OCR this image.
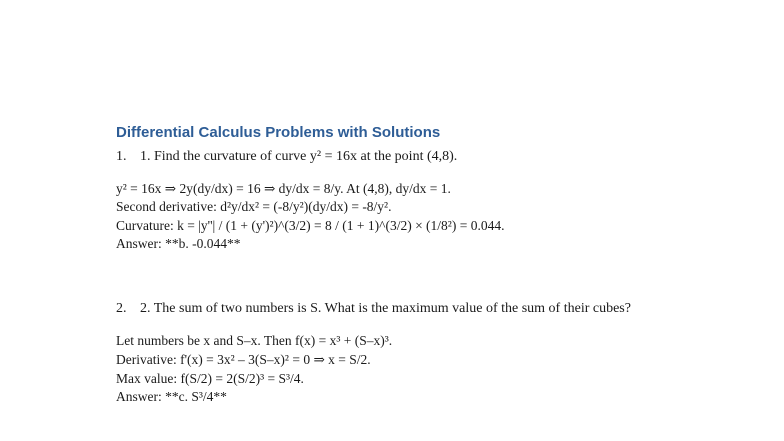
Differential Calculus Problems with Solutions
1. 1. Find the curvature of curve y² = 16x at the point (4,8).
y² = 16x ⇒ 2y(dy/dx) = 16 ⇒ dy/dx = 8/y. At (4,8), dy/dx = 1.
Second derivative: d²y/dx² = (-8/y²)(dy/dx) = -8/y².
Curvature: k = |y''| / (1 + (y')²)^(3/2) = 8 / (1 + 1)^(3/2) × (1/8²) = 0.044.
Answer: **b. -0.044**
2. 2. The sum of two numbers is S. What is the maximum value of the sum of their cubes?
Let numbers be x and S–x. Then f(x) = x³ + (S–x)³.
Derivative: f'(x) = 3x² – 3(S–x)² = 0 ⇒ x = S/2.
Max value: f(S/2) = 2(S/2)³ = S³/4.
Answer: **c. S³/4**
